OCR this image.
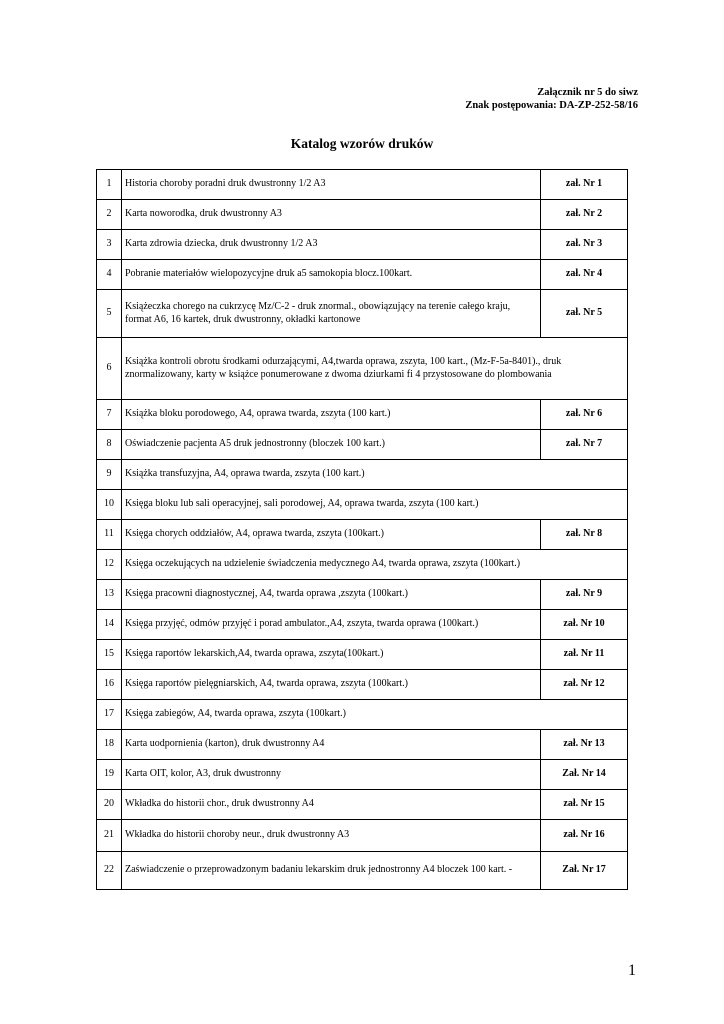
Załącznik nr 5 do siwz
Znak postępowania: DA-ZP-252-58/16
Katalog wzorów druków
1	Historia choroby poradni druk dwustronny 1/2 A3	zał. Nr 1
2	Karta noworodka, druk dwustronny A3	zał. Nr 2
3	Karta zdrowia dziecka, druk dwustronny 1/2 A3	zał. Nr 3
4	Pobranie materiałów wielopozycyjne druk a5 samokopia blocz.100kart.	zał. Nr 4
5	Książeczka chorego na cukrzycę Mz/C-2 - druk znormal., obowiązujący na terenie całego kraju, format A6, 16 kartek, druk dwustronny, okładki kartonowe	zał. Nr 5
6	Książka kontroli obrotu środkami odurzającymi, A4,twarda oprawa, zszyta, 100 kart., (Mz-F-5a-8401)., druk znormalizowany, karty w książce ponumerowane z dwoma dziurkami fi 4 przystosowane do plombowania	
7	Książka bloku porodowego, A4, oprawa twarda, zszyta (100 kart.)	zał. Nr 6
8	Oświadczenie pacjenta A5 druk jednostronny (bloczek 100 kart.)	zał. Nr 7
9	Książka transfuzyjna, A4, oprawa twarda, zszyta (100 kart.)	
10	Księga bloku lub sali operacyjnej, sali porodowej, A4, oprawa twarda, zszyta (100 kart.)	
11	Księga chorych oddziałów, A4, oprawa twarda, zszyta (100kart.)	zał. Nr 8
12	Księga oczekujących na udzielenie świadczenia medycznego A4, twarda oprawa, zszyta (100kart.)	
13	Księga pracowni diagnostycznej, A4, twarda oprawa ,zszyta (100kart.)	zał. Nr 9
14	Księga przyjęć, odmów przyjęć i porad ambulator.,A4, zszyta, twarda oprawa (100kart.)	zał. Nr 10
15	Księga raportów lekarskich,A4, twarda oprawa, zszyta(100kart.)	zał. Nr 11
16	Księga raportów pielęgniarskich, A4, twarda oprawa, zszyta (100kart.)	zał. Nr 12
17	Księga zabiegów, A4, twarda oprawa, zszyta (100kart.)	
18	Karta uodpornienia (karton), druk dwustronny A4	zał. Nr 13
19	Karta OIT, kolor, A3, druk dwustronny	Zał. Nr 14
20	Wkładka do historii chor., druk dwustronny A4	zał. Nr 15
21	Wkładka do historii choroby neur., druk dwustronny A3	zał. Nr 16
22	Zaświadczenie o przeprowadzonym badaniu lekarskim druk jednostronny A4 bloczek 100 kart. -	Zał. Nr 17
1
